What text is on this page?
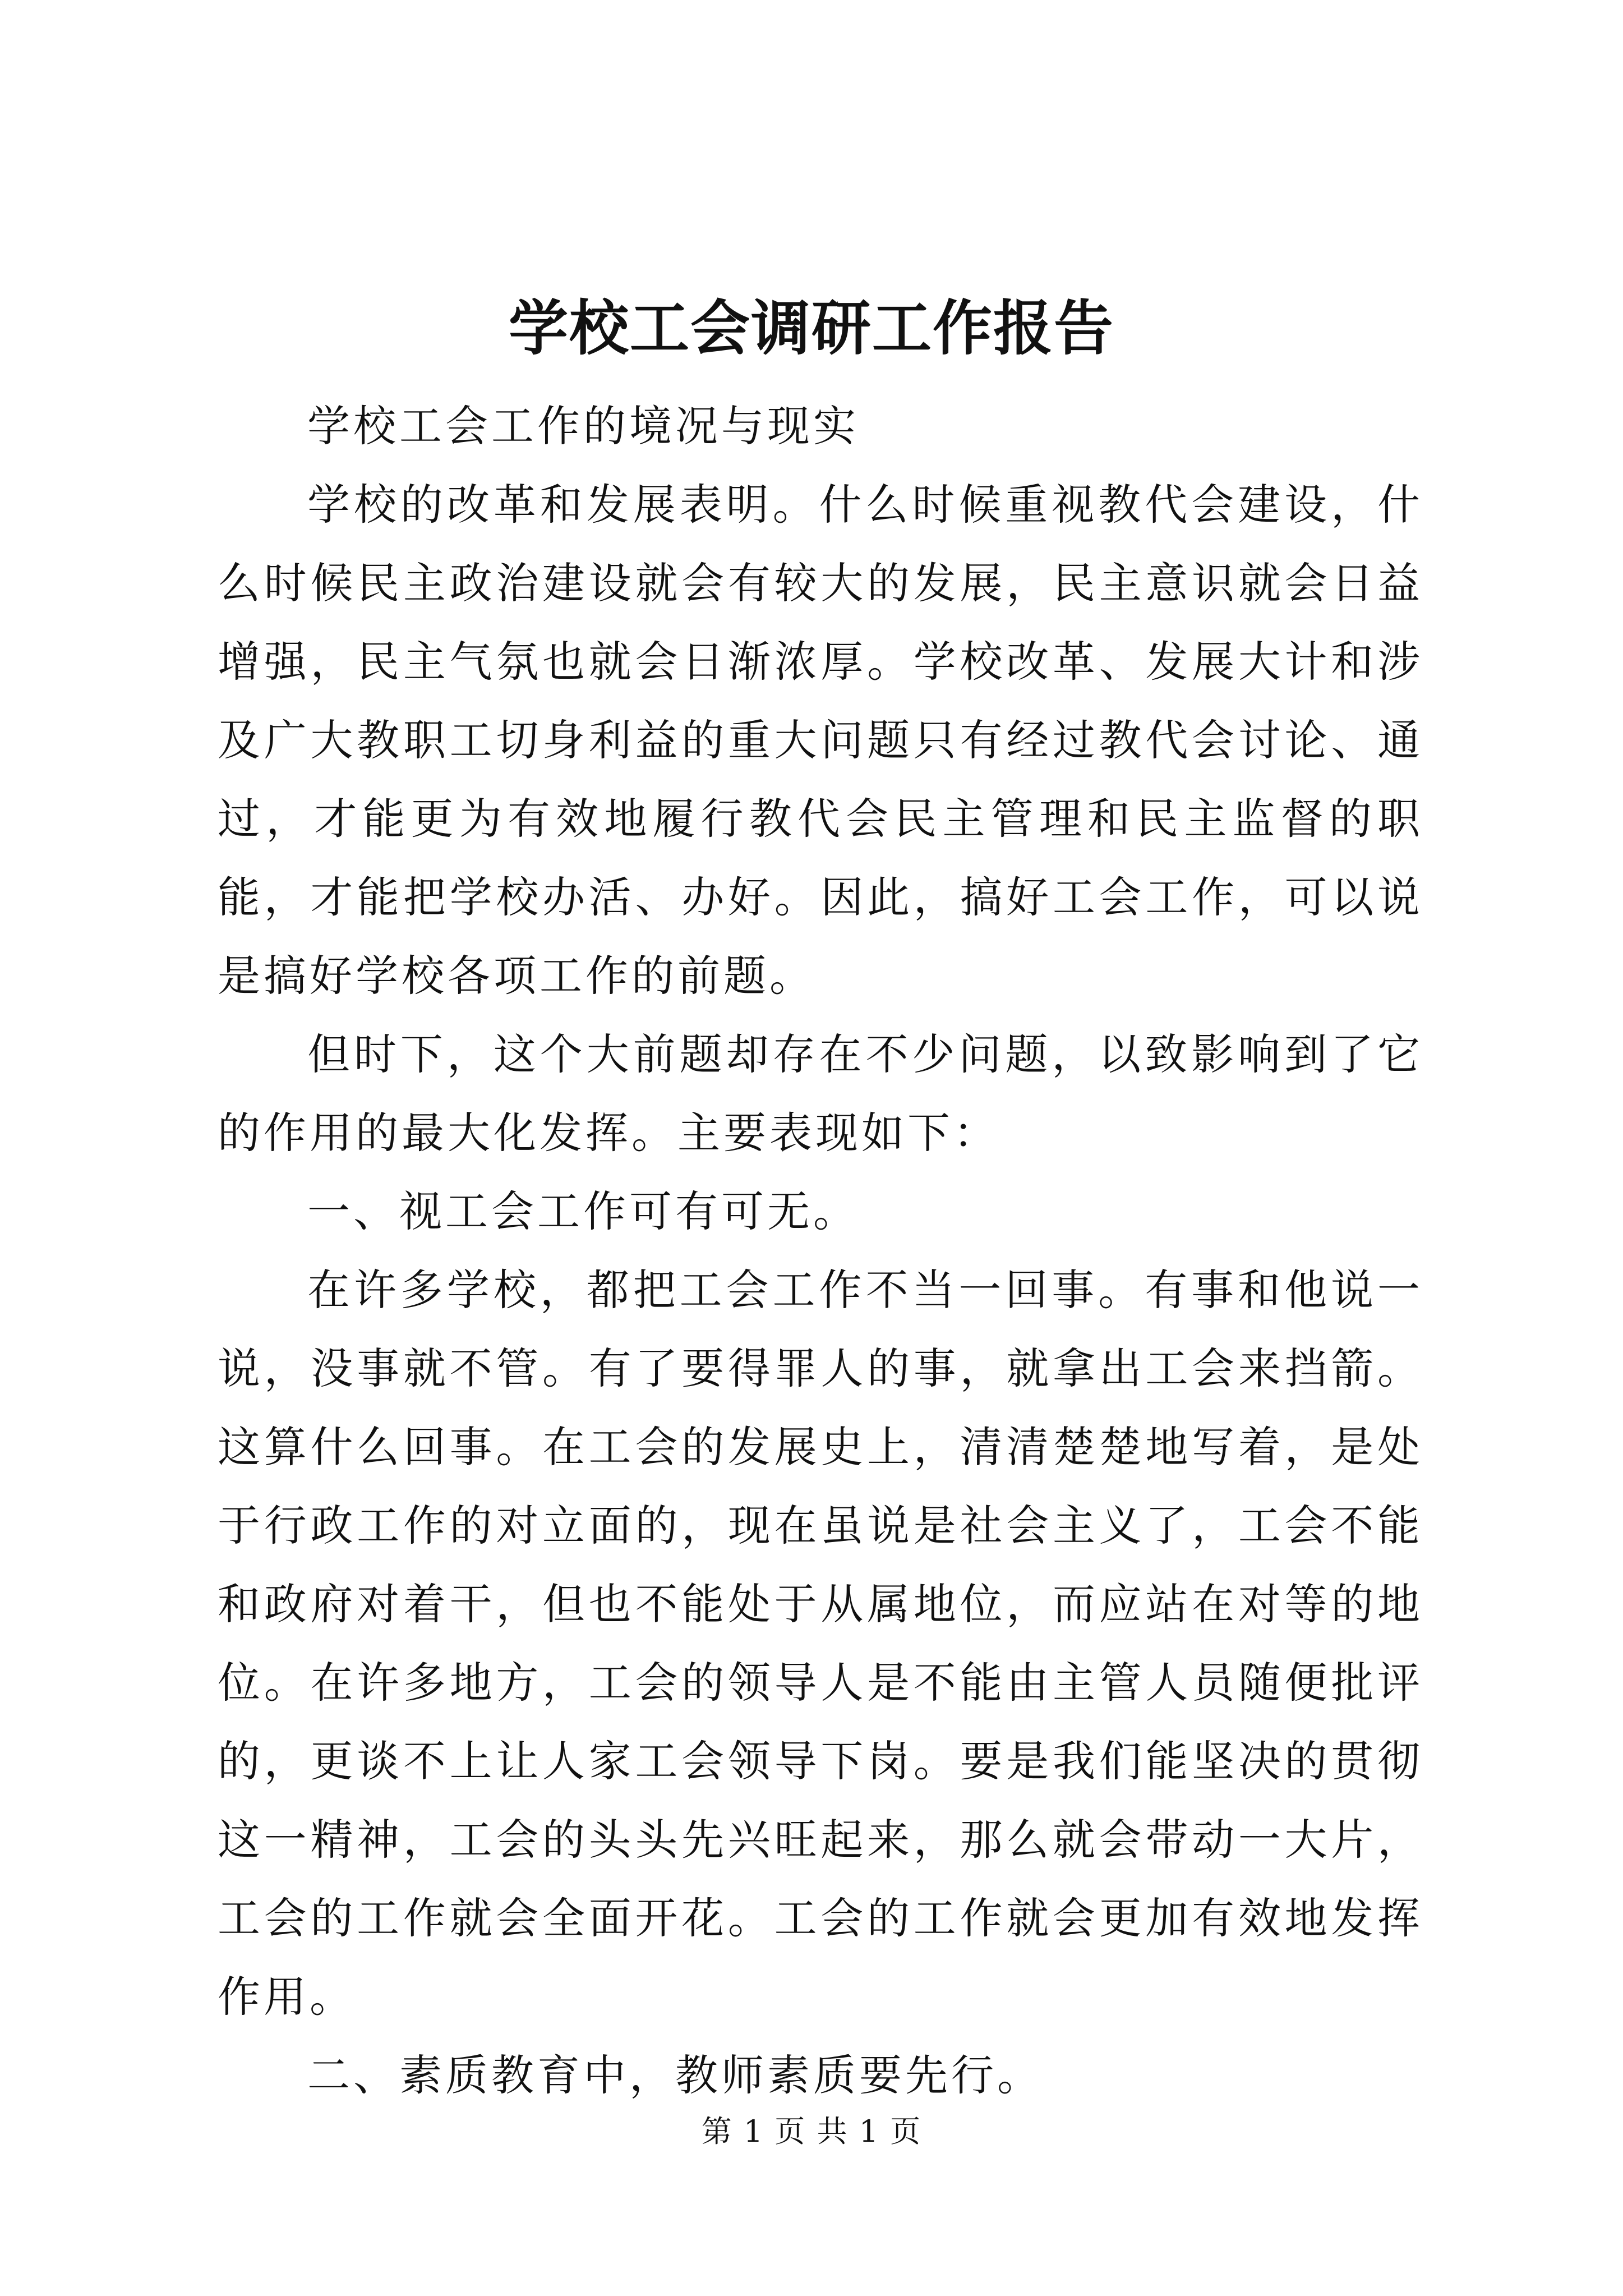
学校工会调研工作报告

学校工会工作的境况与现实

学校的改革和发展表明。什么时候重视教代会建设，什么时候民主政治建设就会有较大的发展，民主意识就会日益增强，民主气氛也就会日渐浓厚。学校改革、发展大计和涉及广大教职工切身利益的重大问题只有经过教代会讨论、通过，才能更为有效地履行教代会民主管理和民主监督的职能，才能把学校办活、办好。因此，搞好工会工作，可以说是搞好学校各项工作的前题。

但时下，这个大前题却存在不少问题，以致影响到了它的作用的最大化发挥。主要表现如下：

一、视工会工作可有可无。

在许多学校，都把工会工作不当一回事。有事和他说一说，没事就不管。有了要得罪人的事，就拿出工会来挡箭。这算什么回事。在工会的发展史上，清清楚楚地写着，是处于行政工作的对立面的，现在虽说是社会主义了，工会不能和政府对着干，但也不能处于从属地位，而应站在对等的地位。在许多地方，工会的领导人是不能由主管人员随便批评的，更谈不上让人家工会领导下岗。要是我们能坚决的贯彻这一精神，工会的头头先兴旺起来，那么就会带动一大片，工会的工作就会全面开花。工会的工作就会更加有效地发挥作用。

二、素质教育中，教师素质要先行。

第 1 页 共 1 页
